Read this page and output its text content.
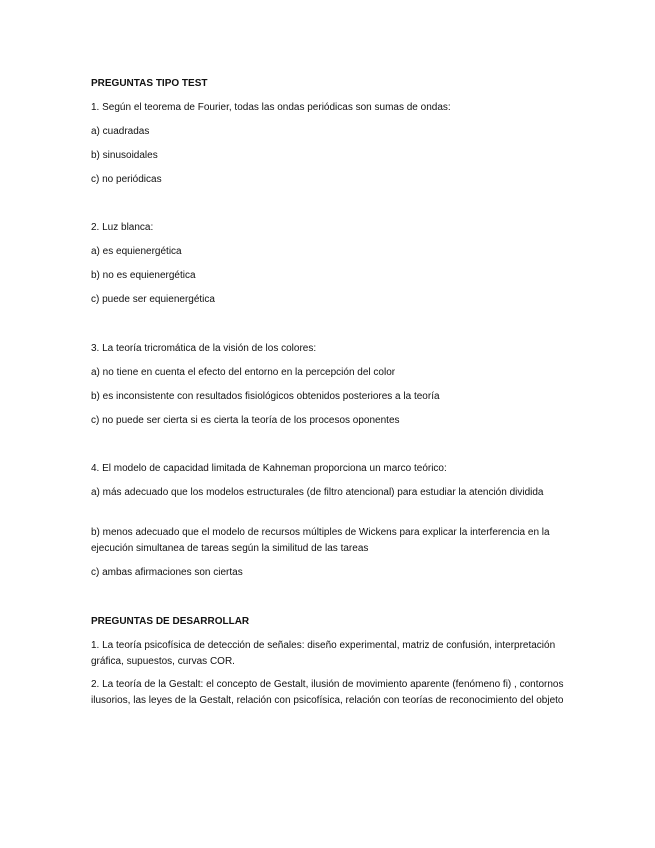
PREGUNTAS TIPO TEST
1. Según el teorema de Fourier, todas las ondas periódicas son sumas de ondas:
a) cuadradas
b) sinusoidales
c) no periódicas
2. Luz blanca:
a) es equienergética
b) no es equienergética
c) puede ser equienergética
3. La teoría tricromática de la visión de los colores:
a) no tiene en cuenta el efecto del entorno en la percepción del color
b) es inconsistente con resultados fisiológicos obtenidos posteriores a la teoría
c) no puede ser cierta si es cierta la teoría de los procesos oponentes
4. El modelo de capacidad limitada de Kahneman proporciona un marco teórico:
a) más adecuado que los modelos estructurales (de filtro atencional) para estudiar la atención dividida
b) menos adecuado que el modelo de recursos múltiples de Wickens para explicar la interferencia en la ejecución simultanea de tareas según la similitud de las tareas
c) ambas afirmaciones son ciertas
PREGUNTAS DE DESARROLLAR
1. La teoría psicofísica de detección de señales: diseño experimental, matriz de confusión, interpretación gráfica, supuestos, curvas COR.
2. La teoría de la Gestalt: el concepto de Gestalt, ilusión de movimiento aparente (fenómeno fi) , contornos ilusorios, las leyes de la Gestalt, relación con psicofísica, relación con teorías de reconocimiento del objeto
